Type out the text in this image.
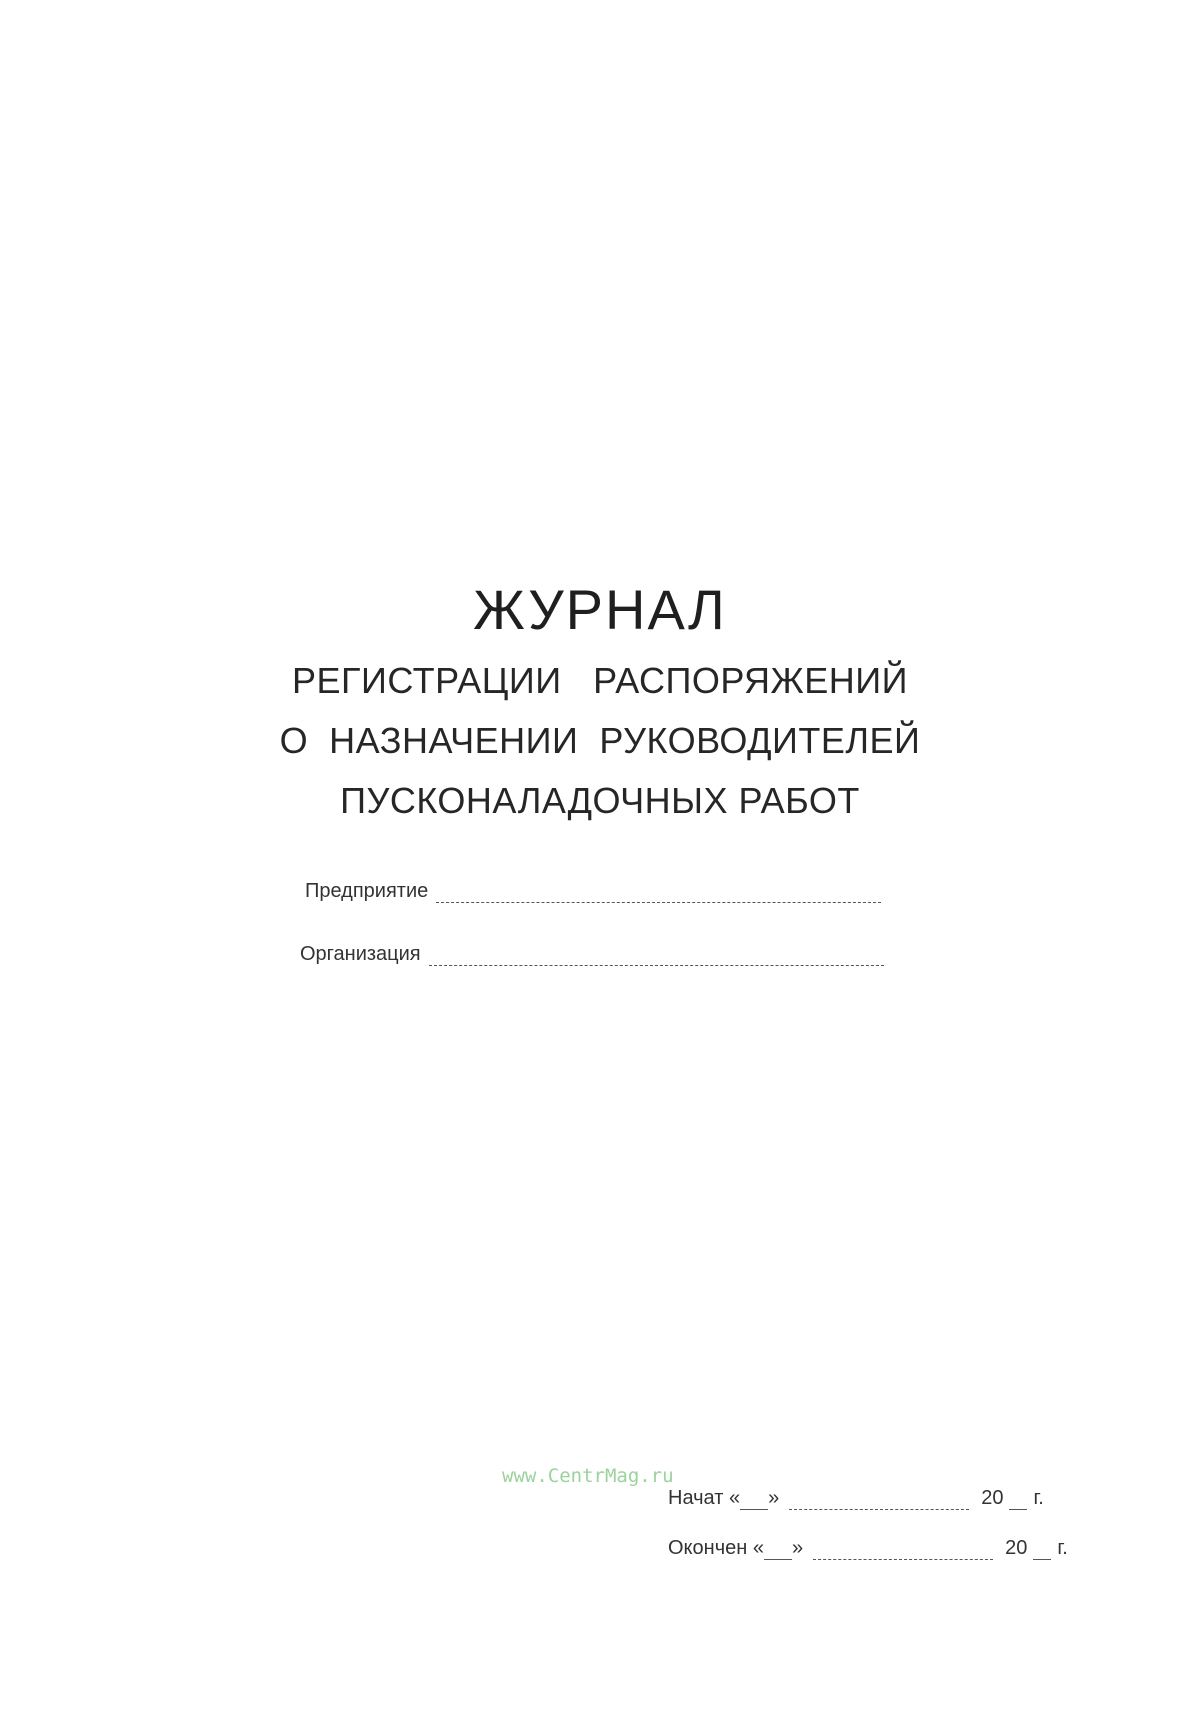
ЖУРНАЛ

РЕГИСТРАЦИИ   РАСПОРЯЖЕНИЙ

О  НАЗНАЧЕНИИ  РУКОВОДИТЕЛЕЙ

ПУСКОНАЛАДОЧНЫХ РАБОТ

Предприятие
Организация
www.CentrMag.ru
Начат « »	20 г.
Окончен « »	20 г.
